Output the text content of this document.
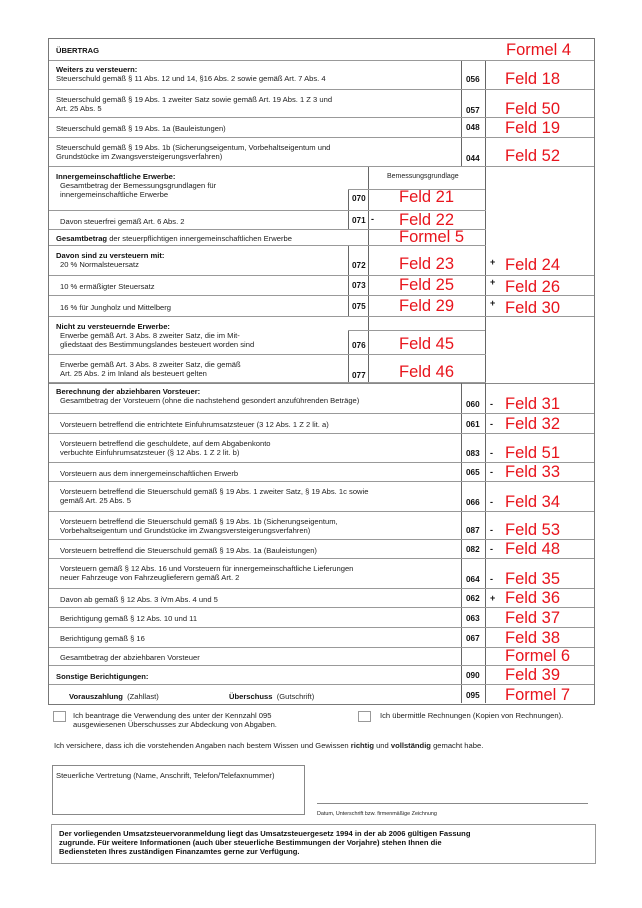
ÜBERTRAG	Formel 4
Weiters zu versteuern:
Steuerschuld gemäß § 11 Abs. 12 und 14, §16 Abs. 2 sowie gemäß Art. 7 Abs. 4	056 Feld 18
Steuerschuld gemäß § 19 Abs. 1 zweiter Satz sowie gemäß Art. 19 Abs. 1 Z 3 und
Art. 25 Abs. 5	057 Feld 50
Steuerschuld gemäß § 19 Abs. 1a (Bauleistungen)	048 Feld 19
Steuerschuld gemäß § 19 Abs. 1b (Sicherungseigentum, Vorbehaltseigentum und
Grundstücke im Zwangsversteigerungsverfahren)	044 Feld 52
Innergemeinschaftliche Erwerbe:	Bemessungsgrundlage
Gesamtbetrag der Bemessungsgrundlagen für
innergemeinschaftliche Erwerbe	070 Feld 21
Davon steuerfrei gemäß Art. 6 Abs. 2	071 - Feld 22
Gesamtbetrag der steuerpflichtigen innergemeinschaftlichen Erwerbe	Formel 5
Davon sind zu versteuern mit:
20 % Normalsteuersatz	072 Feld 23	+ Feld 24
10 % ermäßigter Steuersatz	073 Feld 25	+ Feld 26
16 % für Jungholz und Mittelberg	075 Feld 29	+ Feld 30
Nicht zu versteuernde Erwerbe:
Erwerbe gemäß Art. 3 Abs. 8 zweiter Satz, die im Mit-
gliedstaat des Bestimmungslandes besteuert worden sind	076 Feld 45
Erwerbe gemäß Art. 3 Abs. 8 zweiter Satz, die gemäß
Art. 25 Abs. 2 im Inland als besteuert gelten	077 Feld 46
Berechnung der abziehbaren Vorsteuer:
Gesamtbetrag der Vorsteuern (ohne die nachstehend gesondert anzuführenden Beträge)	060 - Feld 31
Vorsteuern betreffend die entrichtete Einfuhrumsatzsteuer (3 12 Abs. 1 Z 2 lit. a)	061 - Feld 32
Vorsteuern betreffend die geschuldete, auf dem Abgabenkonto
verbuchte Einfuhrumsatzsteuer (§ 12 Abs. 1 Z 2 lit. b)	083 - Feld 51
Vorsteuern aus dem innergemeinschaftlichen Erwerb	065 - Feld 33
Vorsteuern betreffend die Steuerschuld gemäß § 19 Abs. 1 zweiter Satz, § 19 Abs. 1c sowie
gemäß Art. 25 Abs. 5	066 - Feld 34
Vorsteuern betreffend die Steuerschuld gemäß § 19 Abs. 1b (Sicherungseigentum,
Vorbehaltseigentum und Grundstücke im Zwangsversteigerungsverfahren)	087 - Feld 53
Vorsteuern betreffend die Steuerschuld gemäß § 19 Abs. 1a (Bauleistungen)	082 - Feld 48
Vorsteuern gemäß § 12 Abs. 16 und Vorsteuern für innergemeinschaftliche Lieferungen
neuer Fahrzeuge von Fahrzeuglieferern gemäß Art. 2	064 - Feld 35
Davon ab gemäß § 12 Abs. 3 iVm Abs. 4 und 5	062 + Feld 36
Berichtigung gemäß § 12 Abs. 10 und 11	063 Feld 37
Berichtigung gemäß § 16	067 Feld 38
Gesamtbetrag der abziehbaren Vorsteuer	Formel 6
Sonstige Berichtigungen:	090 Feld 39
Vorauszahlung (Zahllast)	Überschuss (Gutschrift)	095 Formel 7
Ich beantrage die Verwendung des unter der Kennzahl 095
ausgewiesenen Überschusses zur Abdeckung von Abgaben.
Ich übermittle Rechnungen (Kopien von Rechnungen).
Ich versichere, dass ich die vorstehenden Angaben nach bestem Wissen und Gewissen richtig und vollständig gemacht habe.
Steuerliche Vertretung (Name, Anschrift, Telefon/Telefaxnummer)
Datum, Unterschrift bzw. firmenmäßige Zeichnung
Der vorliegenden Umsatzsteuervoranmeldung liegt das Umsatzsteuergesetz 1994 in der ab 2006 gültigen Fassung
zugrunde. Für weitere Informationen (auch über steuerliche Bestimmungen der Vorjahre) stehen Ihnen die
Bediensteten Ihres zuständigen Finanzamtes gerne zur Verfügung.
